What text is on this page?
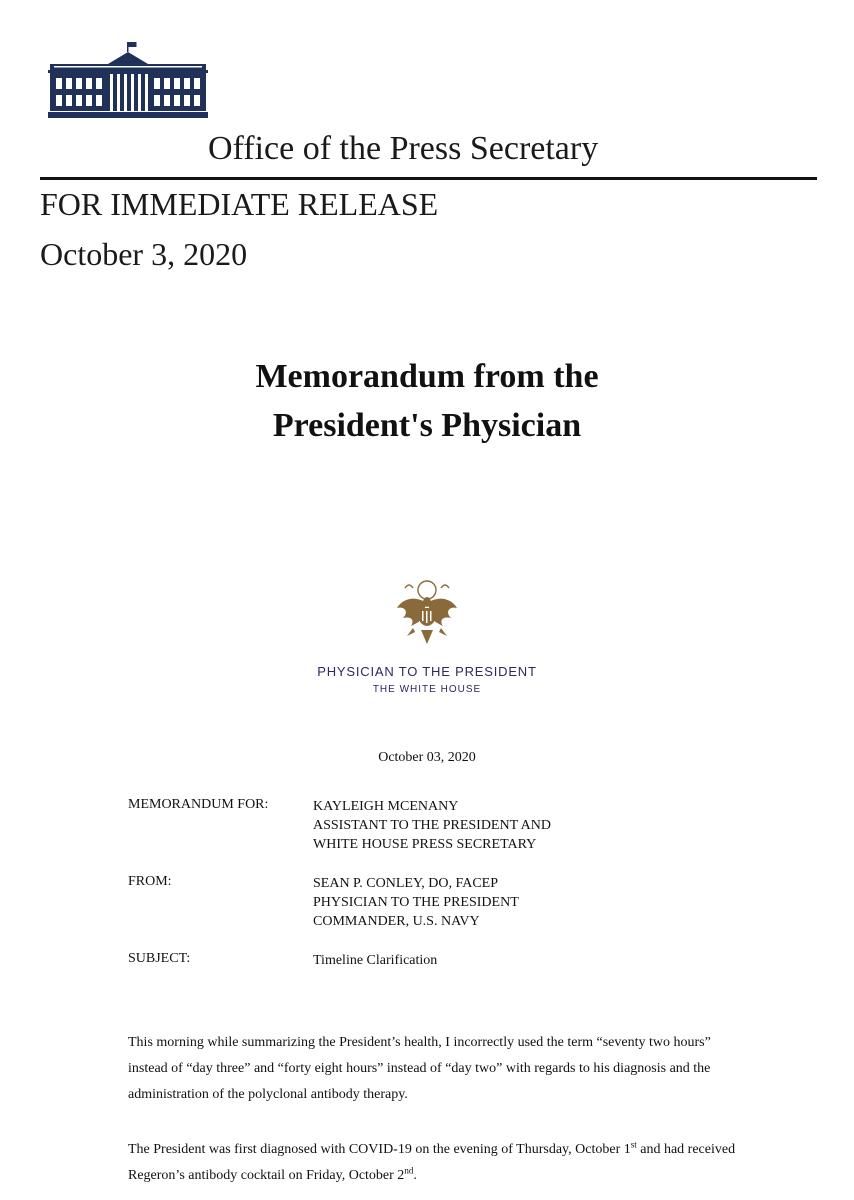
Office of the Press Secretary
FOR IMMEDIATE RELEASE
October 3, 2020
Memorandum from the
President's Physician
PHYSICIAN TO THE PRESIDENT
THE WHITE HOUSE
October 03, 2020
MEMORANDUM FOR:	KAYLEIGH MCENANY
ASSISTANT TO THE PRESIDENT AND
WHITE HOUSE PRESS SECRETARY
FROM:	SEAN P. CONLEY, DO, FACEP
PHYSICIAN TO THE PRESIDENT
COMMANDER, U.S. NAVY
SUBJECT:	Timeline Clarification
This morning while summarizing the President’s health, I incorrectly used the term “seventy two hours” instead of “day three” and “forty eight hours” instead of “day two” with regards to his diagnosis and the administration of the polyclonal antibody therapy.
The President was first diagnosed with COVID-19 on the evening of Thursday, October 1st and had received Regeron’s antibody cocktail on Friday, October 2nd.
